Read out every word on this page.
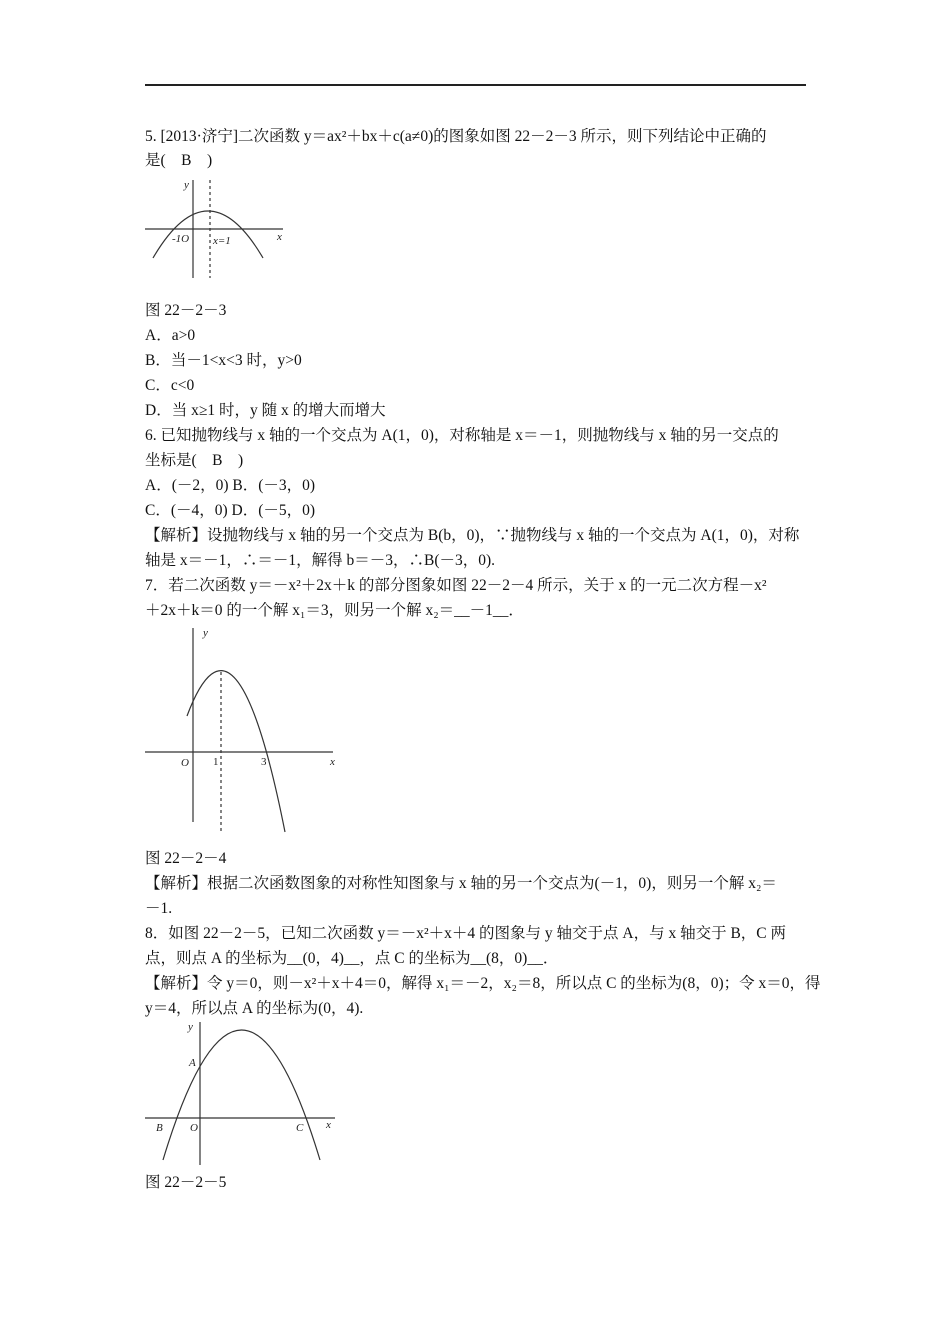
5. [2013·济宁]二次函数 y＝ax²＋bx＋c(a≠0)的图象如图 22－2－3 所示，则下列结论中正确的
是(　B　)
y
x
-1O x=1
y
x
O 1	3
y
x
A
B O	C
图 22－2－3
A．a>0
B．当－1<x<3 时，y>0
C．c<0
D．当 x≥1 时，y 随 x 的增大而增大
6. 已知抛物线与 x 轴的一个交点为 A(1，0)，对称轴是 x＝－1，则抛物线与 x 轴的另一交点的
坐标是(　B　)
A．(－2，0) B．(－3，0)
C．(－4，0) D．(－5，0)
【解析】设抛物线与 x 轴的另一个交点为 B(b，0)，∵抛物线与 x 轴的一个交点为 A(1，0)，对称
轴是 x＝－1，∴＝－1，解得 b＝－3，∴B(－3，0).
7．若二次函数 y＝－x²＋2x＋k 的部分图象如图 22－2－4 所示，关于 x 的一元二次方程－x²
＋2x＋k＝0 的一个解 x₁＝3，则另一个解 x₂＝__－1__．
图 22－2－4
【解析】根据二次函数图象的对称性知图象与 x 轴的另一个交点为(－1，0)，则另一个解 x₂＝
－1.
8．如图 22－2－5，已知二次函数 y＝－x²＋x＋4 的图象与 y 轴交于点 A，与 x 轴交于 B，C 两
点，则点 A 的坐标为__(0，4)__，点 C 的坐标为__(8，0)__．
【解析】令 y＝0，则－x²＋x＋4＝0，解得 x₁＝－2，x₂＝8，所以点 C 的坐标为(8，0)；令 x＝0，得
y＝4，所以点 A 的坐标为(0，4).
图 22－2－5
